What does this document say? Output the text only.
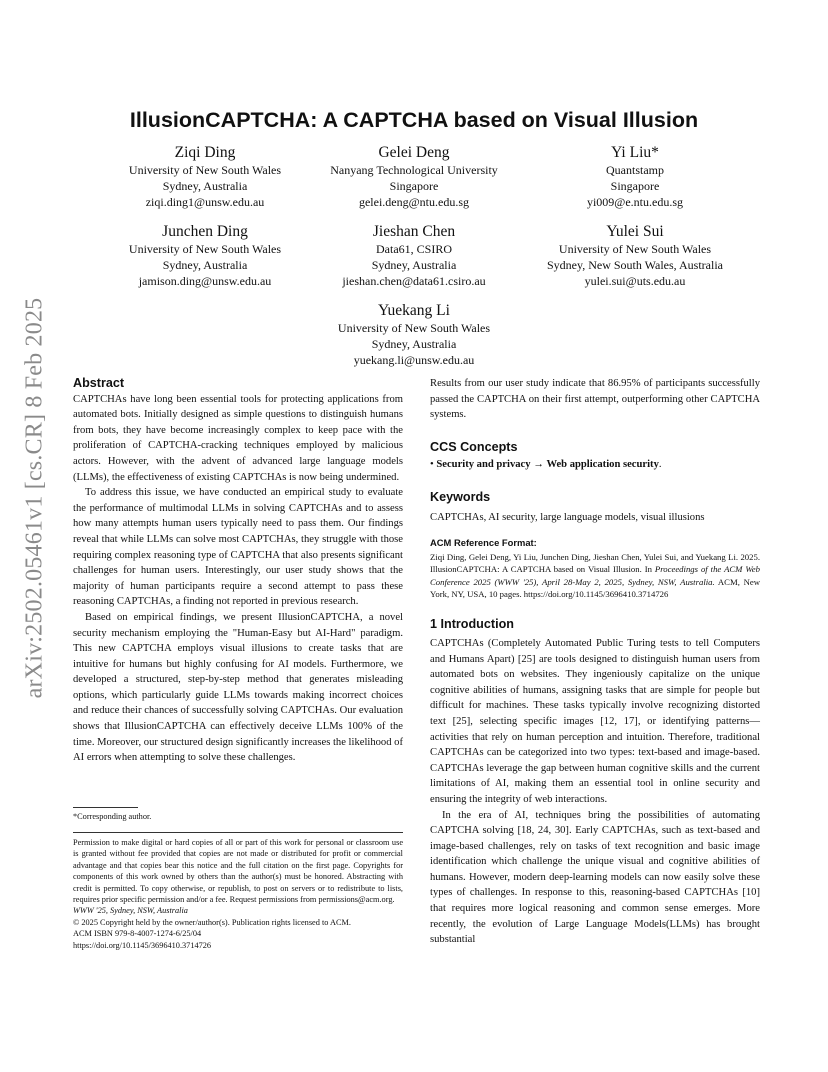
arXiv:2502.05461v1 [cs.CR] 8 Feb 2025
IllusionCAPTCHA: A CAPTCHA based on Visual Illusion
Ziqi Ding
University of New South Wales
Sydney, Australia
ziqi.ding1@unsw.edu.au
Gelei Deng
Nanyang Technological University
Singapore
gelei.deng@ntu.edu.sg
Yi Liu*
Quantstamp
Singapore
yi009@e.ntu.edu.sg
Junchen Ding
University of New South Wales
Sydney, Australia
jamison.ding@unsw.edu.au
Jieshan Chen
Data61, CSIRO
Sydney, Australia
jieshan.chen@data61.csiro.au
Yulei Sui
University of New South Wales
Sydney, New South Wales, Australia
yulei.sui@uts.edu.au
Yuekang Li
University of New South Wales
Sydney, Australia
yuekang.li@unsw.edu.au

Abstract

CAPTCHAs have long been essential tools for protecting applications from automated bots. Initially designed as simple questions to distinguish humans from bots, they have become increasingly complex to keep pace with the proliferation of CAPTCHA-cracking techniques employed by malicious actors. However, with the advent of advanced large language models (LLMs), the effectiveness of existing CAPTCHAs is now being undermined.

To address this issue, we have conducted an empirical study to evaluate the performance of multimodal LLMs in solving CAPTCHAs and to assess how many attempts human users typically need to pass them. Our findings reveal that while LLMs can solve most CAPTCHAs, they struggle with those requiring complex reasoning type of CAPTCHA that also presents significant challenges for human users. Interestingly, our user study shows that the majority of human participants require a second attempt to pass these reasoning CAPTCHAs, a finding not reported in previous research.

Based on empirical findings, we present IllusionCAPTCHA, a novel security mechanism employing the "Human-Easy but AI-Hard" paradigm. This new CAPTCHA employs visual illusions to create tasks that are intuitive for humans but highly confusing for AI models. Furthermore, we developed a structured, step-by-step method that generates misleading options, which particularly guide LLMs towards making incorrect choices and reduce their chances of successfully solving CAPTCHAs. Our evaluation shows that IllusionCAPTCHA can effectively deceive LLMs 100% of the time. Moreover, our structured design significantly increases the likelihood of AI errors when attempting to solve these challenges.

*Corresponding author.

Permission to make digital or hard copies of all or part of this work for personal or classroom use is granted without fee provided that copies are not made or distributed for profit or commercial advantage and that copies bear this notice and the full citation on the first page. Copyrights for components of this work owned by others than the author(s) must be honored. Abstracting with credit is permitted. To copy otherwise, or republish, to post on servers or to redistribute to lists, requires prior specific permission and/or a fee. Request permissions from permissions@acm.org.

WWW '25, Sydney, NSW, Australia

© 2025 Copyright held by the owner/author(s). Publication rights licensed to ACM.

ACM ISBN 979-8-4007-1274-6/25/04

https://doi.org/10.1145/3696410.3714726

Results from our user study indicate that 86.95% of participants successfully passed the CAPTCHA on their first attempt, outperforming other CAPTCHA systems.

CCS Concepts

• Security and privacy → Web application security.

Keywords

CAPTCHAs, AI security, large language models, visual illusions

ACM Reference Format:

Ziqi Ding, Gelei Deng, Yi Liu, Junchen Ding, Jieshan Chen, Yulei Sui, and Yuekang Li. 2025. IllusionCAPTCHA: A CAPTCHA based on Visual Illusion. In Proceedings of the ACM Web Conference 2025 (WWW '25), April 28-May 2, 2025, Sydney, NSW, Australia. ACM, New York, NY, USA, 10 pages. https://doi.org/10.1145/3696410.3714726

1 Introduction

CAPTCHAs (Completely Automated Public Turing tests to tell Computers and Humans Apart) [25] are tools designed to distinguish human users from automated bots on websites. They ingeniously capitalize on the unique cognitive abilities of humans, assigning tasks that are simple for people but difficult for machines. These tasks typically involve recognizing distorted text [25], selecting specific images [12, 17], or identifying patterns—activities that rely on human perception and intuition. Therefore, traditional CAPTCHAs can be categorized into two types: text-based and image-based. CAPTCHAs leverage the gap between human cognitive skills and the current limitations of AI, making them an essential tool in online security and ensuring the integrity of web interactions.

In the era of AI, techniques bring the possibilities of automating CAPTCHA solving [18, 24, 30]. Early CAPTCHAs, such as text-based and image-based challenges, rely on tasks of text recognition and basic image identification which challenge the unique visual and cognitive abilities of humans. However, modern deep-learning models can now easily solve these types of challenges. In response to this, reasoning-based CAPTCHAs [10] that requires more logical reasoning and common sense emerges. More recently, the evolution of Large Language Models(LLMs) has brought substantial
